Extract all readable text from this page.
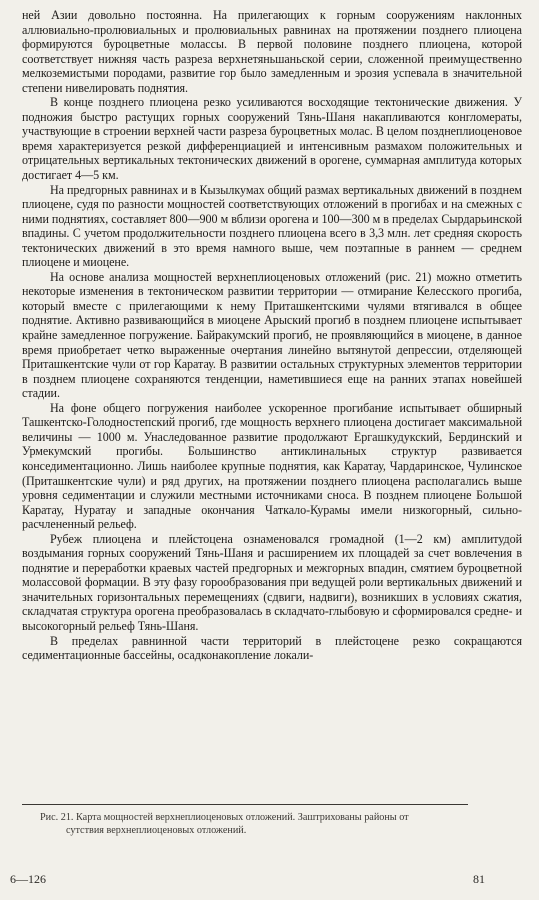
ней Азии довольно постоянна. На прилегающих к горным сооружениям наклонных аллювиально-пролювиальных и пролювиальных равнинах на протяжении позднего плиоцена формируются буроцветные молассы. В первой половине позднего плиоцена, которой соответствует нижняя часть разреза верхнетяньшаньской серии, сложенной преимущественно мелкоземистыми породами, развитие гор было замедленным и эрозия успевала в значительной степени нивелировать поднятия.

В конце позднего плиоцена резко усиливаются восходящие тектонические движения. У подножия быстро растущих горных сооружений Тянь-Шаня накапливаются конгломераты, участвующие в строении верхней части разреза буроцветных молас. В целом позднеплиоценовое время характеризуется резкой дифференциацией и интенсивным размахом положительных и отрицательных вертикальных тектонических движений в орогене, суммарная амплитуда которых достигает 4—5 км.

На предгорных равнинах и в Кызылкумах общий размах вертикальных движений в позднем плиоцене, судя по разности мощностей соответствующих отложений в прогибах и на смежных с ними поднятиях, составляет 800—900 м вблизи орогена и 100—300 м в пределах Сырдарьинской впадины. С учетом продолжительности позднего плиоцена всего в 3,3 млн. лет средняя скорость тектонических движений в это время намного выше, чем поэтапные в раннем — среднем плиоцене и миоцене.

На основе анализа мощностей верхнеплиоценовых отложений (рис. 21) можно отметить некоторые изменения в тектоническом развитии территории — отмирание Келесского прогиба, который вместе с прилегающими к нему Приташкентскими чулями втягивался в общее поднятие. Активно развивающийся в миоцене Арыский прогиб в позднем плиоцене испытывает крайне замедленное погружение. Байракумский прогиб, не проявляющийся в миоцене, в данное время приобретает четко выраженные очертания линейно вытянутой депрессии, отделяющей Приташкентские чули от гор Каратау. В развитии остальных структурных элементов территории в позднем плиоцене сохраняются тенденции, наметившиеся еще на ранних этапах новейшей стадии.

На фоне общего погружения наиболее ускоренное прогибание испытывает обширный Ташкентско-Голодностепский прогиб, где мощность верхнего плиоцена достигает максимальной величины — 1000 м. Унаследованное развитие продолжают Ергашкудукский, Бердинский и Урмекумский прогибы. Большинство антиклинальных структур развивается конседиментационно. Лишь наиболее крупные поднятия, как Каратау, Чардаринское, Чулинское (Приташкентские чули) и ряд других, на протяжении позднего плиоцена располагались выше уровня седиментации и служили местными источниками сноса. В позднем плиоцене Большой Каратау, Нуратау и западные окончания Чаткало-Курамы имели низкогорный, сильно-расчлененный рельеф.

Рубеж плиоцена и плейстоцена ознаменовался громадной (1—2 км) амплитудой воздымания горных сооружений Тянь-Шаня и расширением их площадей за счет вовлечения в поднятие и переработки краевых частей предгорных и межгорных впадин, смятием буроцветной молассовой формации. В эту фазу горообразования при ведущей роли вертикальных движений и значительных горизонтальных перемещениях (сдвиги, надвиги), возникших в условиях сжатия, складчатая структура орогена преобразовалась в складчато-глыбовую и сформировался средне- и высокогорный рельеф Тянь-Шаня.

В пределах равнинной части территорий в плейстоцене резко сокращаются седиментационные бассейны, осадконакопление локали-

Рис. 21. Карта мощностей верхнеплиоценовых отложений. Заштрихованы районы от
сутствия верхнеплиоценовых отложений.
6—126	81
